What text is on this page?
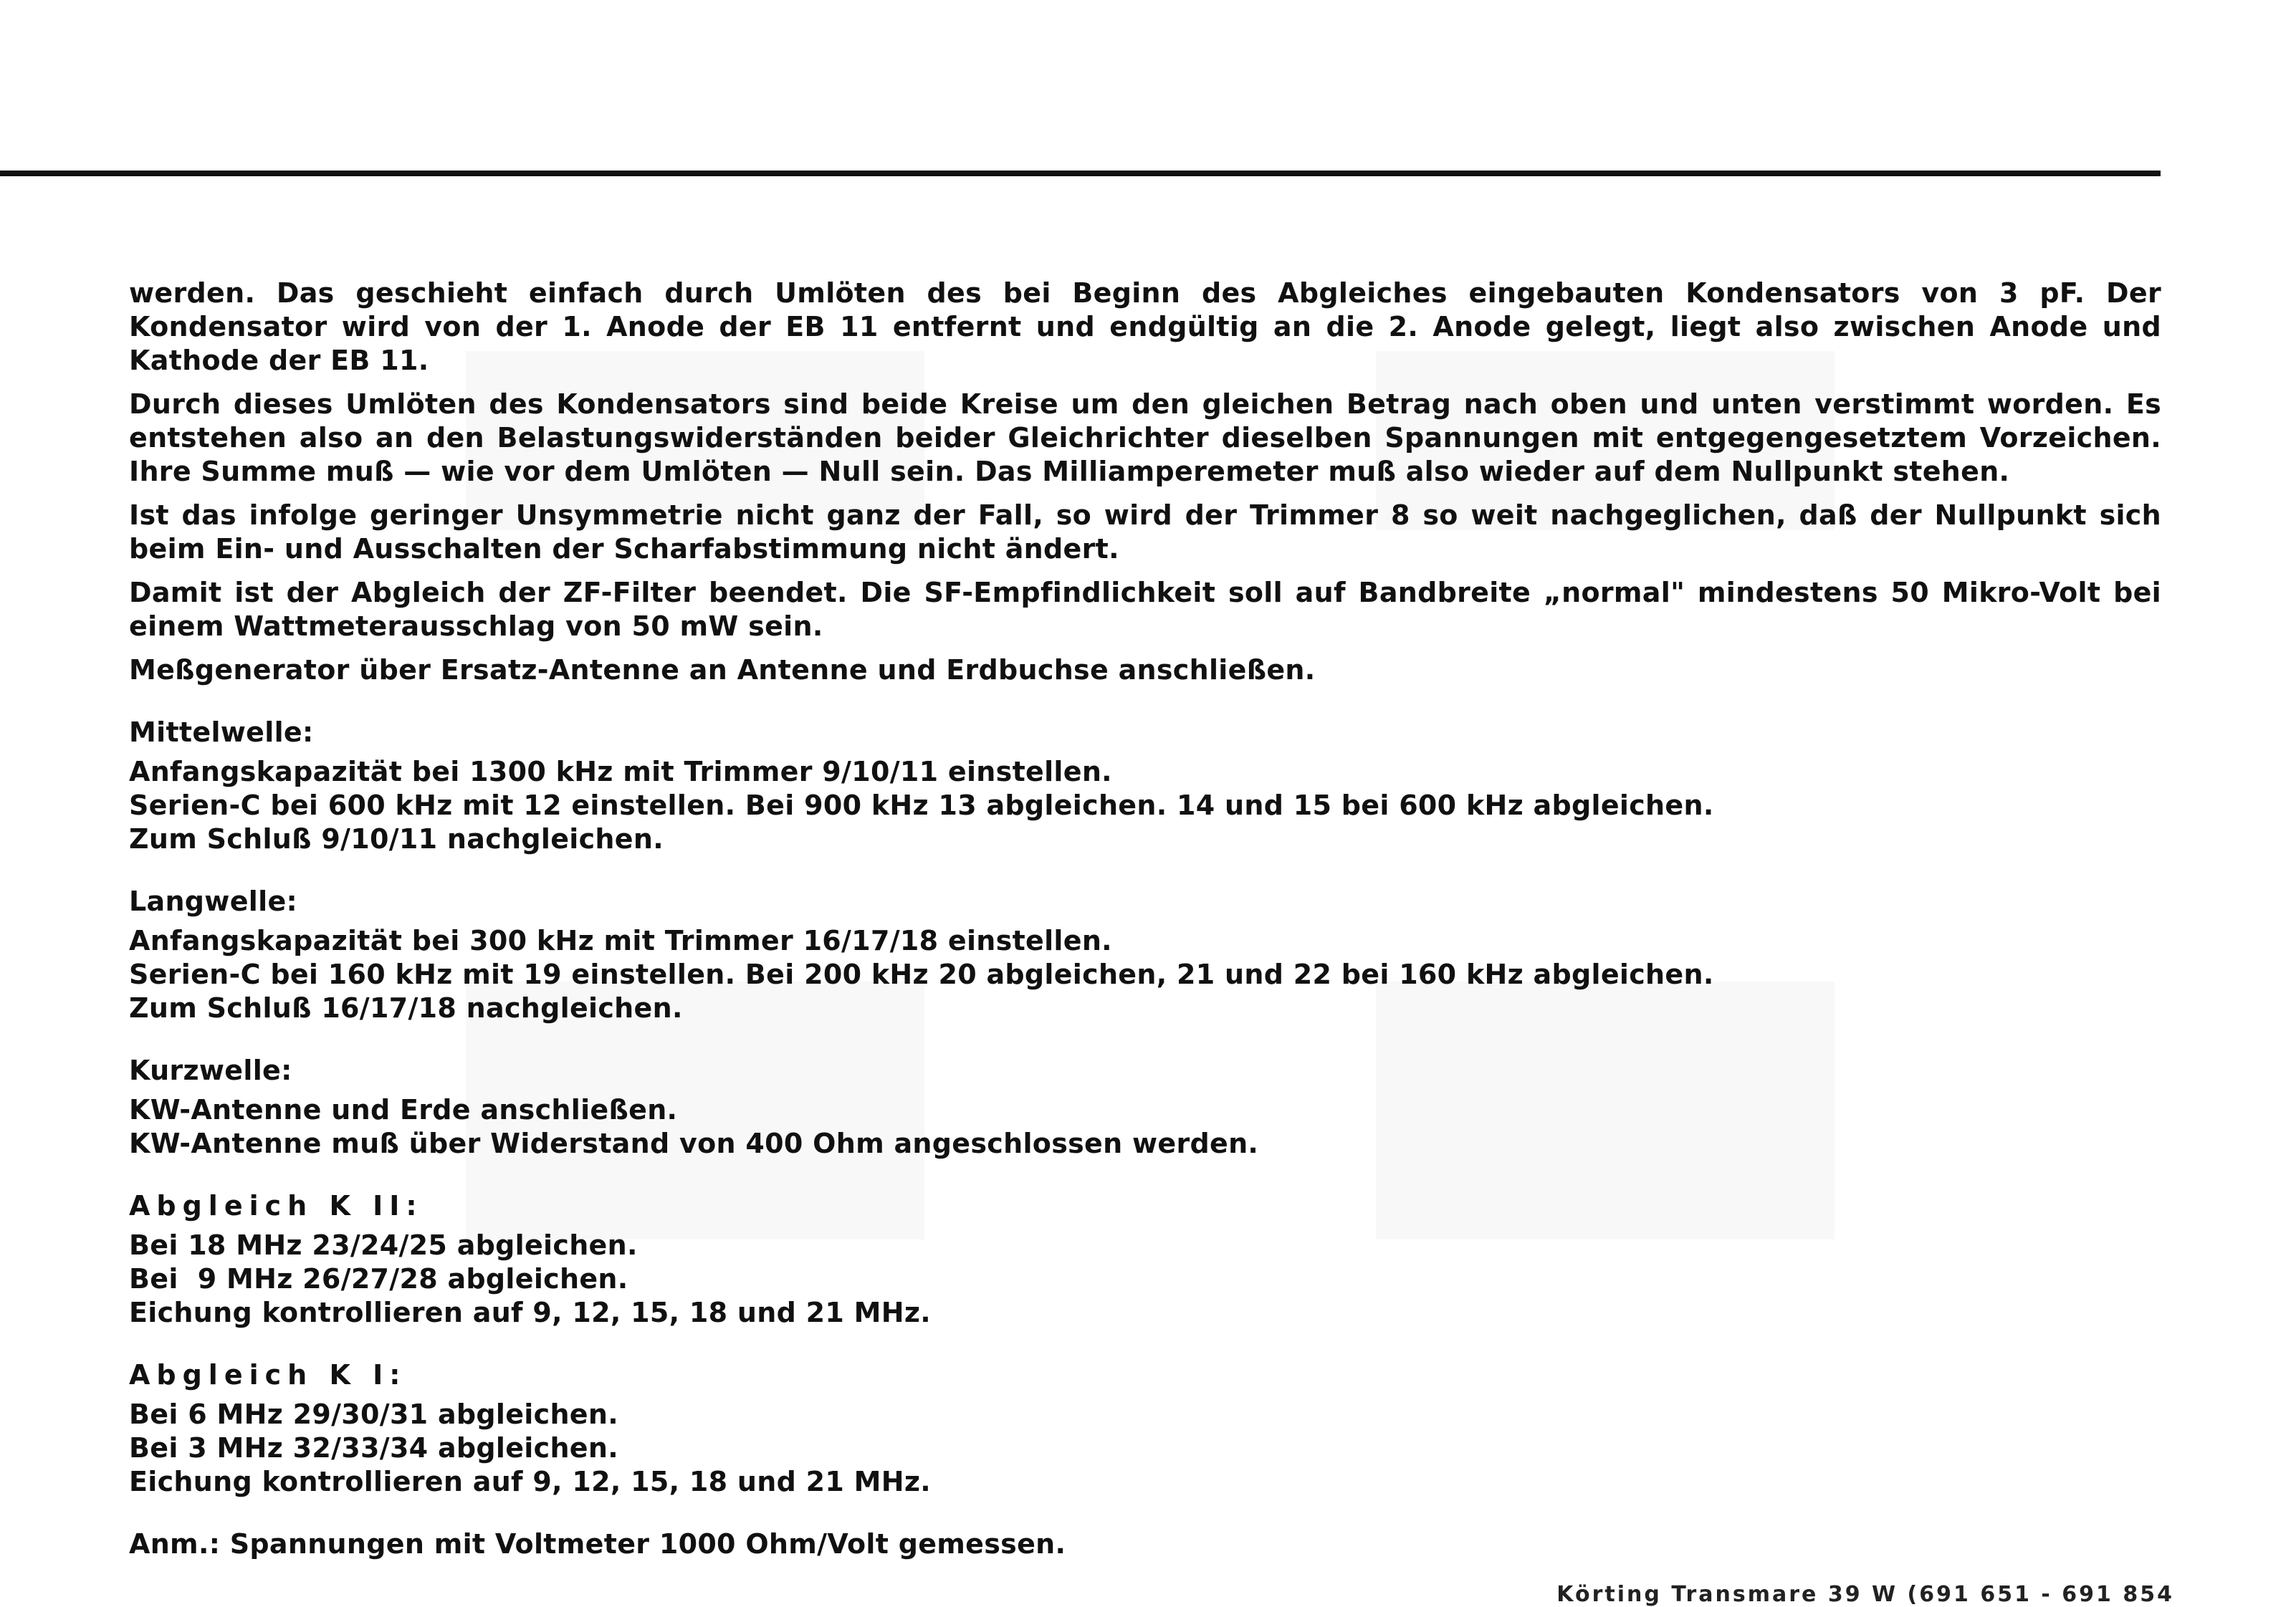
werden. Das geschieht einfach durch Umlöten des bei Beginn des Abgleiches eingebauten Kondensators von 3 pF. Der Kondensator wird von der 1. Anode der EB 11 entfernt und endgültig an die 2. Anode gelegt, liegt also zwischen Anode und Kathode der EB 11.

Durch dieses Umlöten des Kondensators sind beide Kreise um den gleichen Betrag nach oben und unten verstimmt worden. Es entstehen also an den Belastungswiderständen beider Gleichrichter dieselben Spannungen mit entgegengesetztem Vorzeichen. Ihre Summe muß — wie vor dem Umlöten — Null sein. Das Milliamperemeter muß also wieder auf dem Nullpunkt stehen.

Ist das infolge geringer Unsymmetrie nicht ganz der Fall, so wird der Trimmer 8 so weit nachgeglichen, daß der Nullpunkt sich beim Ein- und Ausschalten der Scharfabstimmung nicht ändert.

Damit ist der Abgleich der ZF-Filter beendet. Die SF-Empfindlichkeit soll auf Bandbreite „normal" mindestens 50 Mikro-Volt bei einem Wattmeterausschlag von 50 mW sein.

Meßgenerator über Ersatz-Antenne an Antenne und Erdbuchse anschließen.

Mittelwelle:
Anfangskapazität bei 1300 kHz mit Trimmer 9/10/11 einstellen.
Serien-C bei 600 kHz mit 12 einstellen. Bei 900 kHz 13 abgleichen. 14 und 15 bei 600 kHz abgleichen.
Zum Schluß 9/10/11 nachgleichen.
Langwelle:
Anfangskapazität bei 300 kHz mit Trimmer 16/17/18 einstellen.
Serien-C bei 160 kHz mit 19 einstellen. Bei 200 kHz 20 abgleichen, 21 und 22 bei 160 kHz abgleichen.
Zum Schluß 16/17/18 nachgleichen.
Kurzwelle:
KW-Antenne und Erde anschließen.
KW-Antenne muß über Widerstand von 400 Ohm angeschlossen werden.
Abgleich K II:
Bei 18 MHz 23/24/25 abgleichen.
Bei  9 MHz 26/27/28 abgleichen.
Eichung kontrollieren auf 9, 12, 15, 18 und 21 MHz.
Abgleich K I:
Bei 6 MHz 29/30/31 abgleichen.
Bei 3 MHz 32/33/34 abgleichen.
Eichung kontrollieren auf 9, 12, 15, 18 und 21 MHz.
Anm.: Spannungen mit Voltmeter 1000 Ohm/Volt gemessen.
Körting Transmare 39 W (691 651 - 691 854
